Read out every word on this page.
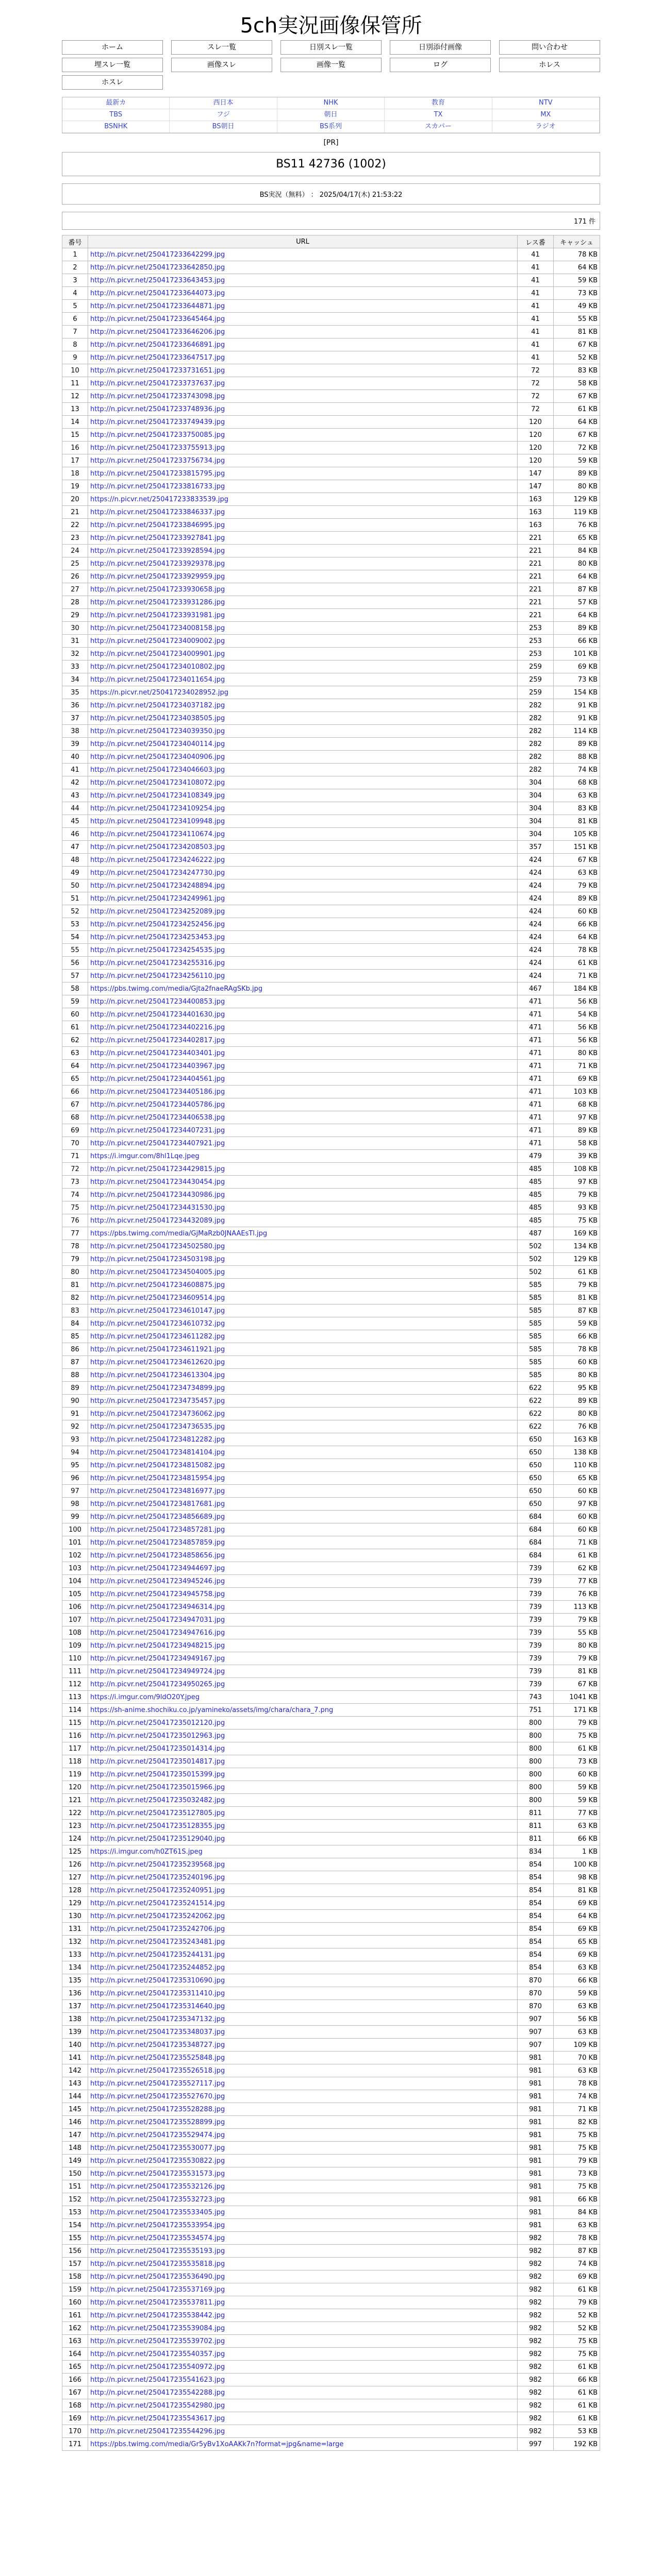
5ch実況画像保管所
ホーム	スレ一覧	日別スレ一覧	日別添付画像	問い合わせ
埋スレ一覧	画像スレ	画像一覧	ログ	ホレス
ホスレ
最新カ	西日本	NHK	教育	NTV
TBS	フジ	朝日	TX	MX
BSNHK	BS朝日	BS系列	スカパー	ラジオ
[PR]
BS11 42736 (1002)
BS実況（無料） ： 2025/04/17(木) 21:53:22
171 件
番号	URL	レス番	キャッシュ
1	http://n.picvr.net/250417233642299.jpg	41	78 KB
2	http://n.picvr.net/250417233642850.jpg	41	64 KB
3	http://n.picvr.net/250417233643453.jpg	41	59 KB
4	http://n.picvr.net/250417233644073.jpg	41	73 KB
5	http://n.picvr.net/250417233644871.jpg	41	49 KB
6	http://n.picvr.net/250417233645464.jpg	41	55 KB
7	http://n.picvr.net/250417233646206.jpg	41	81 KB
8	http://n.picvr.net/250417233646891.jpg	41	67 KB
9	http://n.picvr.net/250417233647517.jpg	41	52 KB
10	http://n.picvr.net/250417233731651.jpg	72	83 KB
11	http://n.picvr.net/250417233737637.jpg	72	58 KB
12	http://n.picvr.net/250417233743098.jpg	72	67 KB
13	http://n.picvr.net/250417233748936.jpg	72	61 KB
14	http://n.picvr.net/250417233749439.jpg	120	64 KB
15	http://n.picvr.net/250417233750085.jpg	120	67 KB
16	http://n.picvr.net/250417233755913.jpg	120	72 KB
17	http://n.picvr.net/250417233756734.jpg	120	59 KB
18	http://n.picvr.net/250417233815795.jpg	147	89 KB
19	http://n.picvr.net/250417233816733.jpg	147	80 KB
20	https://n.picvr.net/250417233833539.jpg	163	129 KB
21	http://n.picvr.net/250417233846337.jpg	163	119 KB
22	http://n.picvr.net/250417233846995.jpg	163	76 KB
23	http://n.picvr.net/250417233927841.jpg	221	65 KB
24	http://n.picvr.net/250417233928594.jpg	221	84 KB
25	http://n.picvr.net/250417233929378.jpg	221	80 KB
26	http://n.picvr.net/250417233929959.jpg	221	64 KB
27	http://n.picvr.net/250417233930658.jpg	221	87 KB
28	http://n.picvr.net/250417233931286.jpg	221	57 KB
29	http://n.picvr.net/250417233931981.jpg	221	64 KB
30	http://n.picvr.net/250417234008158.jpg	253	89 KB
31	http://n.picvr.net/250417234009002.jpg	253	66 KB
32	http://n.picvr.net/250417234009901.jpg	253	101 KB
33	http://n.picvr.net/250417234010802.jpg	259	69 KB
34	http://n.picvr.net/250417234011654.jpg	259	73 KB
35	https://n.picvr.net/250417234028952.jpg	259	154 KB
36	http://n.picvr.net/250417234037182.jpg	282	91 KB
37	http://n.picvr.net/250417234038505.jpg	282	91 KB
38	http://n.picvr.net/250417234039350.jpg	282	114 KB
39	http://n.picvr.net/250417234040114.jpg	282	89 KB
40	http://n.picvr.net/250417234040906.jpg	282	88 KB
41	http://n.picvr.net/250417234046603.jpg	282	74 KB
42	http://n.picvr.net/250417234108072.jpg	304	68 KB
43	http://n.picvr.net/250417234108349.jpg	304	63 KB
44	http://n.picvr.net/250417234109254.jpg	304	83 KB
45	http://n.picvr.net/250417234109948.jpg	304	81 KB
46	http://n.picvr.net/250417234110674.jpg	304	105 KB
47	http://n.picvr.net/250417234208503.jpg	357	151 KB
48	http://n.picvr.net/250417234246222.jpg	424	67 KB
49	http://n.picvr.net/250417234247730.jpg	424	63 KB
50	http://n.picvr.net/250417234248894.jpg	424	79 KB
51	http://n.picvr.net/250417234249961.jpg	424	89 KB
52	http://n.picvr.net/250417234252089.jpg	424	60 KB
53	http://n.picvr.net/250417234252456.jpg	424	66 KB
54	http://n.picvr.net/250417234253453.jpg	424	64 KB
55	http://n.picvr.net/250417234254535.jpg	424	78 KB
56	http://n.picvr.net/250417234255316.jpg	424	61 KB
57	http://n.picvr.net/250417234256110.jpg	424	71 KB
58	https://pbs.twimg.com/media/Gjta2fnaeRAgSKb.jpg	467	184 KB
59	http://n.picvr.net/250417234400853.jpg	471	56 KB
60	http://n.picvr.net/250417234401630.jpg	471	54 KB
61	http://n.picvr.net/250417234402216.jpg	471	56 KB
62	http://n.picvr.net/250417234402817.jpg	471	56 KB
63	http://n.picvr.net/250417234403401.jpg	471	80 KB
64	http://n.picvr.net/250417234403967.jpg	471	71 KB
65	http://n.picvr.net/250417234404561.jpg	471	69 KB
66	http://n.picvr.net/250417234405186.jpg	471	103 KB
67	http://n.picvr.net/250417234405786.jpg	471	68 KB
68	http://n.picvr.net/250417234406538.jpg	471	97 KB
69	http://n.picvr.net/250417234407231.jpg	471	89 KB
70	http://n.picvr.net/250417234407921.jpg	471	58 KB
71	https://i.imgur.com/8hl1Lqe.jpeg	479	39 KB
72	http://n.picvr.net/250417234429815.jpg	485	108 KB
73	http://n.picvr.net/250417234430454.jpg	485	97 KB
74	http://n.picvr.net/250417234430986.jpg	485	79 KB
75	http://n.picvr.net/250417234431530.jpg	485	93 KB
76	http://n.picvr.net/250417234432089.jpg	485	75 KB
77	https://pbs.twimg.com/media/GjMaRzb0JNAAEsTl.jpg	487	169 KB
78	http://n.picvr.net/250417234502580.jpg	502	134 KB
79	http://n.picvr.net/250417234503198.jpg	502	129 KB
80	http://n.picvr.net/250417234504005.jpg	502	61 KB
81	http://n.picvr.net/250417234608875.jpg	585	79 KB
82	http://n.picvr.net/250417234609514.jpg	585	81 KB
83	http://n.picvr.net/250417234610147.jpg	585	87 KB
84	http://n.picvr.net/250417234610732.jpg	585	59 KB
85	http://n.picvr.net/250417234611282.jpg	585	66 KB
86	http://n.picvr.net/250417234611921.jpg	585	78 KB
87	http://n.picvr.net/250417234612620.jpg	585	60 KB
88	http://n.picvr.net/250417234613304.jpg	585	80 KB
89	http://n.picvr.net/250417234734899.jpg	622	95 KB
90	http://n.picvr.net/250417234735457.jpg	622	89 KB
91	http://n.picvr.net/250417234736062.jpg	622	80 KB
92	http://n.picvr.net/250417234736535.jpg	622	76 KB
93	http://n.picvr.net/250417234812282.jpg	650	163 KB
94	http://n.picvr.net/250417234814104.jpg	650	138 KB
95	http://n.picvr.net/250417234815082.jpg	650	110 KB
96	http://n.picvr.net/250417234815954.jpg	650	65 KB
97	http://n.picvr.net/250417234816977.jpg	650	60 KB
98	http://n.picvr.net/250417234817681.jpg	650	97 KB
99	http://n.picvr.net/250417234856689.jpg	684	60 KB
100	http://n.picvr.net/250417234857281.jpg	684	60 KB
101	http://n.picvr.net/250417234857859.jpg	684	71 KB
102	http://n.picvr.net/250417234858656.jpg	684	61 KB
103	http://n.picvr.net/250417234944697.jpg	739	62 KB
104	http://n.picvr.net/250417234945246.jpg	739	77 KB
105	http://n.picvr.net/250417234945758.jpg	739	76 KB
106	http://n.picvr.net/250417234946314.jpg	739	113 KB
107	http://n.picvr.net/250417234947031.jpg	739	79 KB
108	http://n.picvr.net/250417234947616.jpg	739	55 KB
109	http://n.picvr.net/250417234948215.jpg	739	80 KB
110	http://n.picvr.net/250417234949167.jpg	739	79 KB
111	http://n.picvr.net/250417234949724.jpg	739	81 KB
112	http://n.picvr.net/250417234950265.jpg	739	67 KB
113	https://i.imgur.com/9ldO20Y.jpeg	743	1041 KB
114	https://sh-anime.shochiku.co.jp/yamineko/assets/img/chara/chara_7.png	751	171 KB
115	http://n.picvr.net/250417235012120.jpg	800	79 KB
116	http://n.picvr.net/250417235012963.jpg	800	75 KB
117	http://n.picvr.net/250417235014314.jpg	800	61 KB
118	http://n.picvr.net/250417235014817.jpg	800	73 KB
119	http://n.picvr.net/250417235015399.jpg	800	60 KB
120	http://n.picvr.net/250417235015966.jpg	800	59 KB
121	http://n.picvr.net/250417235032482.jpg	800	59 KB
122	http://n.picvr.net/250417235127805.jpg	811	77 KB
123	http://n.picvr.net/250417235128355.jpg	811	63 KB
124	http://n.picvr.net/250417235129040.jpg	811	66 KB
125	https://i.imgur.com/h0ZT61S.jpeg	834	1 KB
126	http://n.picvr.net/250417235239568.jpg	854	100 KB
127	http://n.picvr.net/250417235240196.jpg	854	98 KB
128	http://n.picvr.net/250417235240951.jpg	854	81 KB
129	http://n.picvr.net/250417235241514.jpg	854	69 KB
130	http://n.picvr.net/250417235242062.jpg	854	64 KB
131	http://n.picvr.net/250417235242706.jpg	854	69 KB
132	http://n.picvr.net/250417235243481.jpg	854	65 KB
133	http://n.picvr.net/250417235244131.jpg	854	69 KB
134	http://n.picvr.net/250417235244852.jpg	854	63 KB
135	http://n.picvr.net/250417235310690.jpg	870	66 KB
136	http://n.picvr.net/250417235311410.jpg	870	59 KB
137	http://n.picvr.net/250417235314640.jpg	870	63 KB
138	http://n.picvr.net/250417235347132.jpg	907	56 KB
139	http://n.picvr.net/250417235348037.jpg	907	63 KB
140	http://n.picvr.net/250417235348727.jpg	907	109 KB
141	http://n.picvr.net/250417235525848.jpg	981	70 KB
142	http://n.picvr.net/250417235526518.jpg	981	63 KB
143	http://n.picvr.net/250417235527117.jpg	981	78 KB
144	http://n.picvr.net/250417235527670.jpg	981	74 KB
145	http://n.picvr.net/250417235528288.jpg	981	71 KB
146	http://n.picvr.net/250417235528899.jpg	981	82 KB
147	http://n.picvr.net/250417235529474.jpg	981	75 KB
148	http://n.picvr.net/250417235530077.jpg	981	75 KB
149	http://n.picvr.net/250417235530822.jpg	981	79 KB
150	http://n.picvr.net/250417235531573.jpg	981	73 KB
151	http://n.picvr.net/250417235532126.jpg	981	75 KB
152	http://n.picvr.net/250417235532723.jpg	981	66 KB
153	http://n.picvr.net/250417235533405.jpg	981	84 KB
154	http://n.picvr.net/250417235533954.jpg	981	63 KB
155	http://n.picvr.net/250417235534574.jpg	982	78 KB
156	http://n.picvr.net/250417235535193.jpg	982	87 KB
157	http://n.picvr.net/250417235535818.jpg	982	74 KB
158	http://n.picvr.net/250417235536490.jpg	982	69 KB
159	http://n.picvr.net/250417235537169.jpg	982	61 KB
160	http://n.picvr.net/250417235537811.jpg	982	79 KB
161	http://n.picvr.net/250417235538442.jpg	982	52 KB
162	http://n.picvr.net/250417235539084.jpg	982	52 KB
163	http://n.picvr.net/250417235539702.jpg	982	75 KB
164	http://n.picvr.net/250417235540357.jpg	982	75 KB
165	http://n.picvr.net/250417235540972.jpg	982	61 KB
166	http://n.picvr.net/250417235541623.jpg	982	66 KB
167	http://n.picvr.net/250417235542288.jpg	982	61 KB
168	http://n.picvr.net/250417235542980.jpg	982	61 KB
169	http://n.picvr.net/250417235543617.jpg	982	61 KB
170	http://n.picvr.net/250417235544296.jpg	982	53 KB
171	https://pbs.twimg.com/media/Gr5yBv1XoAAKk7n?format=jpg&name=large	997	192 KB
